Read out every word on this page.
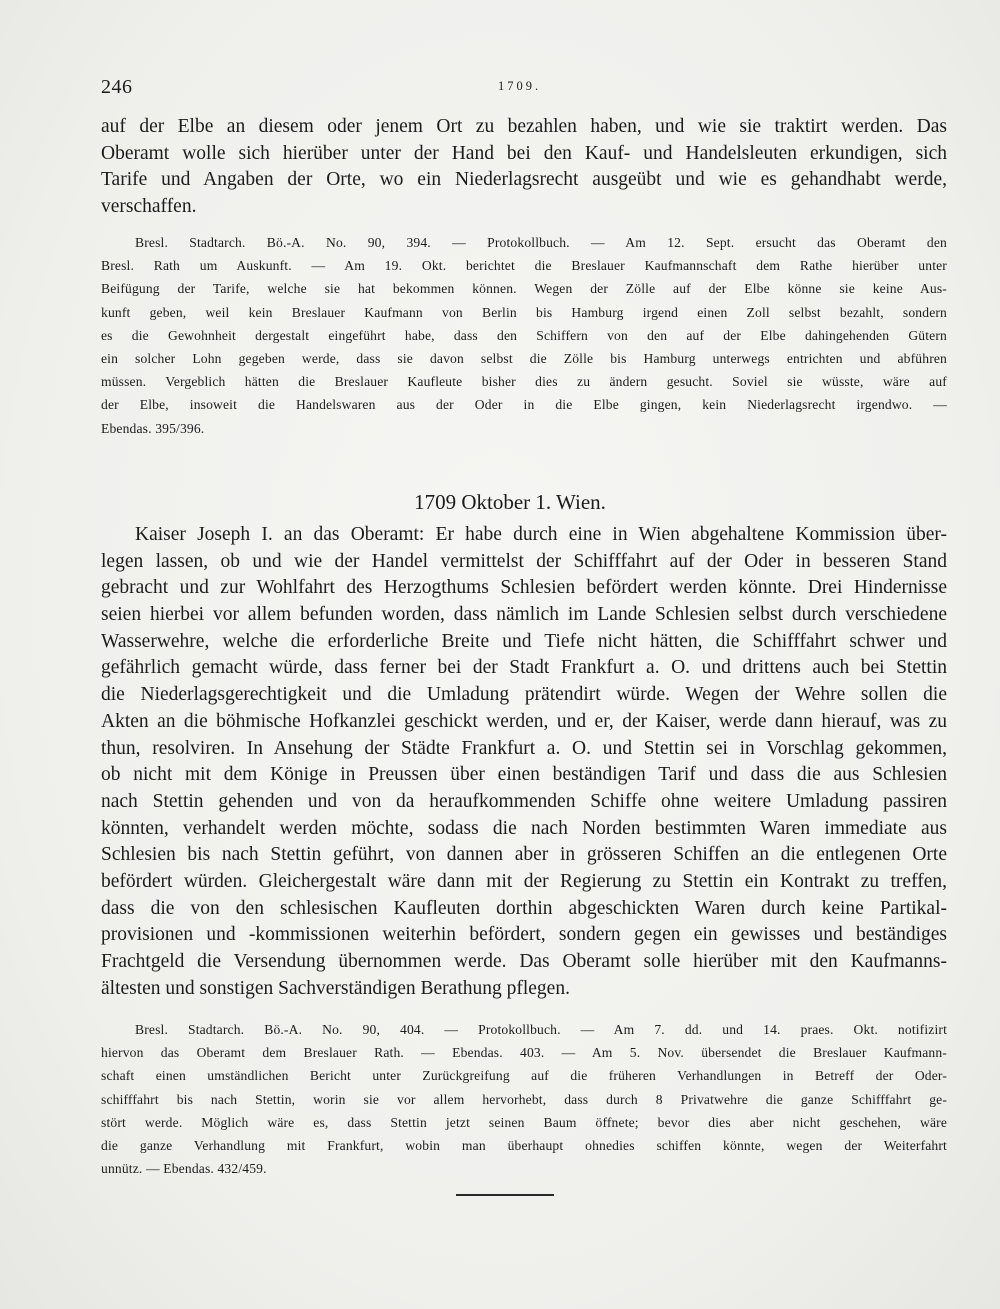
246	1709.
auf der Elbe an diesem oder jenem Ort zu bezahlen haben, und wie sie traktirt werden. Das
Oberamt wolle sich hierüber unter der Hand bei den Kauf- und Handelsleuten erkundigen, sich
Tarife und Angaben der Orte, wo ein Niederlagsrecht ausgeübt und wie es gehandhabt werde,
verschaffen.
Bresl. Stadtarch. Bö.-A. No. 90, 394. — Protokollbuch. — Am 12. Sept. ersucht das Oberamt den
Bresl. Rath um Auskunft. — Am 19. Okt. berichtet die Breslauer Kaufmannschaft dem Rathe hierüber unter
Beifügung der Tarife, welche sie hat bekommen können. Wegen der Zölle auf der Elbe könne sie keine Aus-
kunft geben, weil kein Breslauer Kaufmann von Berlin bis Hamburg irgend einen Zoll selbst bezahlt, sondern
es die Gewohnheit dergestalt eingeführt habe, dass den Schiffern von den auf der Elbe dahingehenden Gütern
ein solcher Lohn gegeben werde, dass sie davon selbst die Zölle bis Hamburg unterwegs entrichten und abführen
müssen. Vergeblich hätten die Breslauer Kaufleute bisher dies zu ändern gesucht. Soviel sie wüsste, wäre auf
der Elbe, insoweit die Handelswaren aus der Oder in die Elbe gingen, kein Niederlagsrecht irgendwo. —
Ebendas. 395/396.
1709 Oktober 1. Wien.
Kaiser Joseph I. an das Oberamt: Er habe durch eine in Wien abgehaltene Kommission über-
legen lassen, ob und wie der Handel vermittelst der Schifffahrt auf der Oder in besseren Stand
gebracht und zur Wohlfahrt des Herzogthums Schlesien befördert werden könnte. Drei Hindernisse
seien hierbei vor allem befunden worden, dass nämlich im Lande Schlesien selbst durch verschiedene
Wasserwehre, welche die erforderliche Breite und Tiefe nicht hätten, die Schifffahrt schwer und
gefährlich gemacht würde, dass ferner bei der Stadt Frankfurt a. O. und drittens auch bei Stettin
die Niederlagsgerechtigkeit und die Umladung prätendirt würde. Wegen der Wehre sollen die
Akten an die böhmische Hofkanzlei geschickt werden, und er, der Kaiser, werde dann hierauf, was zu
thun, resolviren. In Ansehung der Städte Frankfurt a. O. und Stettin sei in Vorschlag gekommen,
ob nicht mit dem Könige in Preussen über einen beständigen Tarif und dass die aus Schlesien
nach Stettin gehenden und von da heraufkommenden Schiffe ohne weitere Umladung passiren
könnten, verhandelt werden möchte, sodass die nach Norden bestimmten Waren immediate aus
Schlesien bis nach Stettin geführt, von dannen aber in grösseren Schiffen an die entlegenen Orte
befördert würden. Gleichergestalt wäre dann mit der Regierung zu Stettin ein Kontrakt zu treffen,
dass die von den schlesischen Kaufleuten dorthin abgeschickten Waren durch keine Partikal-
provisionen und -kommissionen weiterhin befördert, sondern gegen ein gewisses und beständiges
Frachtgeld die Versendung übernommen werde. Das Oberamt solle hierüber mit den Kaufmanns-
ältesten und sonstigen Sachverständigen Berathung pflegen.
Bresl. Stadtarch. Bö.-A. No. 90, 404. — Protokollbuch. — Am 7. dd. und 14. praes. Okt. notifizirt
hiervon das Oberamt dem Breslauer Rath. — Ebendas. 403. — Am 5. Nov. übersendet die Breslauer Kaufmann-
schaft einen umständlichen Bericht unter Zurückgreifung auf die früheren Verhandlungen in Betreff der Oder-
schifffahrt bis nach Stettin, worin sie vor allem hervorhebt, dass durch 8 Privatwehre die ganze Schifffahrt ge-
stört werde. Möglich wäre es, dass Stettin jetzt seinen Baum öffnete; bevor dies aber nicht geschehen, wäre
die ganze Verhandlung mit Frankfurt, wobin man überhaupt ohnedies schiffen könnte, wegen der Weiterfahrt
unnütz. — Ebendas. 432/459.
